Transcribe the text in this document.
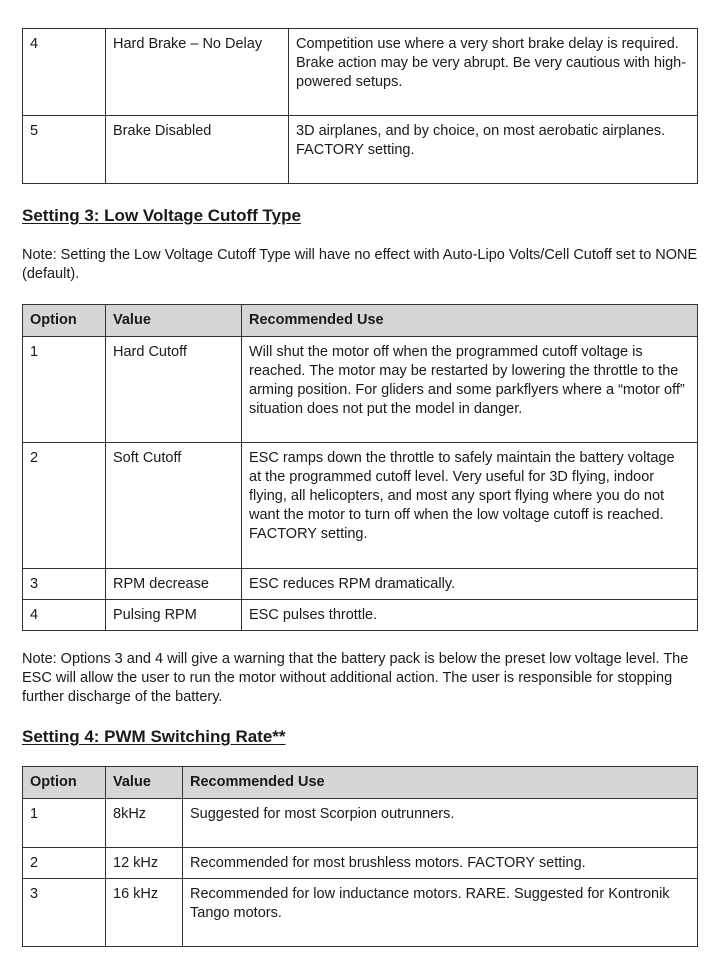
4	Hard Brake – No Delay	Competition use where a very short brake delay is required. Brake action may be very abrupt. Be very cautious with high-powered setups.
5	Brake Disabled	3D airplanes, and by choice, on most aerobatic airplanes. FACTORY setting.
Setting 3: Low Voltage Cutoff Type

Note: Setting the Low Voltage Cutoff Type will have no effect with Auto-Lipo Volts/Cell Cutoff set to NONE (default).

Option	Value	Recommended Use
1	Hard Cutoff	Will shut the motor off when the programmed cutoff voltage is reached. The motor may be restarted by lowering the throttle to the arming position. For gliders and some parkflyers where a “motor off” situation does not put the model in danger.
2	Soft Cutoff	ESC ramps down the throttle to safely maintain the battery voltage at the programmed cutoff level. Very useful for 3D flying, indoor flying, all helicopters, and most any sport flying where you do not want the motor to turn off when the low voltage cutoff is reached. FACTORY setting.
3	RPM decrease	ESC reduces RPM dramatically.
4	Pulsing RPM	ESC pulses throttle.

Note: Options 3 and 4 will give a warning that the battery pack is below the preset low voltage level. The ESC will allow the user to run the motor without additional action. The user is responsible for stopping further discharge of the battery.

Setting 4: PWM Switching Rate**
Option	Value	Recommended Use
1	8kHz	Suggested for most Scorpion outrunners.
2	12 kHz	Recommended for most brushless motors. FACTORY setting.
3	16 kHz	Recommended for low inductance motors. RARE. Suggested for Kontronik Tango motors.
